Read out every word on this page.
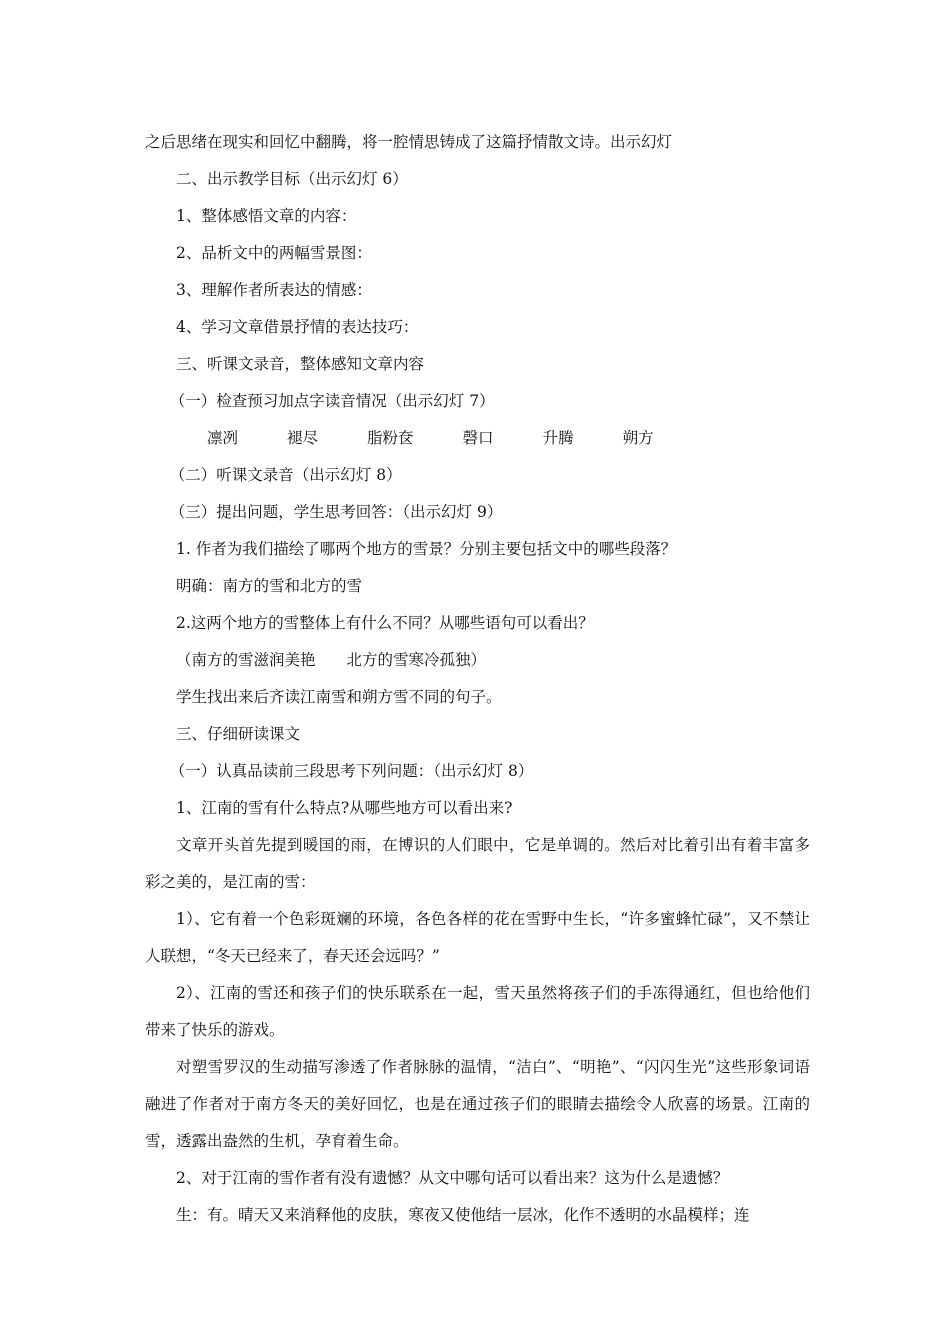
之后思绪在现实和回忆中翻腾，将一腔情思铸成了这篇抒情散文诗。出示幻灯

二、出示教学目标（出示幻灯 6）

1、整体感悟文章的内容：

2、品析文中的两幅雪景图：

3、理解作者所表达的情感：

4、学习文章借景抒情的表达技巧：

三、听课文录音，整体感知文章内容

（一）检查预习加点字读音情况（出示幻灯 7）

凛冽	褪尽	脂粉奁	磬口	升腾	朔方

（二）听课文录音（出示幻灯 8）

（三）提出问题，学生思考回答：（出示幻灯 9）

1. 作者为我们描绘了哪两个地方的雪景？分别主要包括文中的哪些段落？

明确：南方的雪和北方的雪

2.这两个地方的雪整体上有什么不同？从哪些语句可以看出？

（南方的雪滋润美艳　　北方的雪寒冷孤独）

学生找出来后齐读江南雪和朔方雪不同的句子。

三、仔细研读课文

（一）认真品读前三段思考下列问题：（出示幻灯 8）

1、江南的雪有什么特点?从哪些地方可以看出来?

文章开头首先提到暖国的雨，在博识的人们眼中，它是单调的。然后对比着引出有着丰富多彩之美的，是江南的雪：

1）、它有着一个色彩斑斓的环境，各色各样的花在雪野中生长，“许多蜜蜂忙碌”，又不禁让人联想，“冬天已经来了，春天还会远吗？”

2）、江南的雪还和孩子们的快乐联系在一起，雪天虽然将孩子们的手冻得通红，但也给他们带来了快乐的游戏。

对塑雪罗汉的生动描写渗透了作者脉脉的温情，“洁白”、“明艳”、“闪闪生光”这些形象词语融进了作者对于南方冬天的美好回忆，也是在通过孩子们的眼睛去描绘令人欣喜的场景。江南的雪，透露出盎然的生机，孕育着生命。

2、对于江南的雪作者有没有遗憾？从文中哪句话可以看出来？这为什么是遗憾？

生：有。晴天又来消释他的皮肤，寒夜又使他结一层冰，化作不透明的水晶模样；连
